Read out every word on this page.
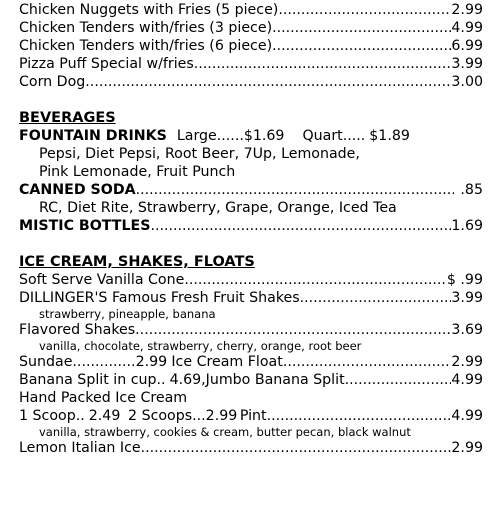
Chicken Nuggets with Fries (5 piece) .....	2.99
Chicken Tenders with/fries (3 piece) .....	4.99
Chicken Tenders with/fries (6 piece) .....	6.99
Pizza Puff Special w/fries .....	3.99
Corn Dog .....	3.00
BEVERAGES
FOUNTAIN DRINKS Large ...... $1.69 Quart ..... $1.89
Pepsi, Diet Pepsi, Root Beer, 7Up, Lemonade,
Pink Lemonade, Fruit Punch
CANNED SODA .....	.85
RC, Diet Rite, Strawberry, Grape, Orange, Iced Tea
MISTIC BOTTLES .....	1.69
ICE CREAM, SHAKES, FLOATS
Soft Serve Vanilla Cone .....	$ .99
DILLINGER'S Famous Fresh Fruit Shakes .....	3.99
strawberry, pineapple, banana
Flavored Shakes .....	3.69
vanilla, chocolate, strawberry, cherry, orange, root beer
Sundae .............. 2.99 Ice Cream Float .....	2.99
Banana Split in cup .. 4.69, Jumbo Banana Split .....	4.99
Hand Packed Ice Cream
1 Scoop .. 2.49 2 Scoops ... 2.99 Pint .....	4.99
vanilla, strawberry, cookies & cream, butter pecan, black walnut
Lemon Italian Ice .....	2.99
